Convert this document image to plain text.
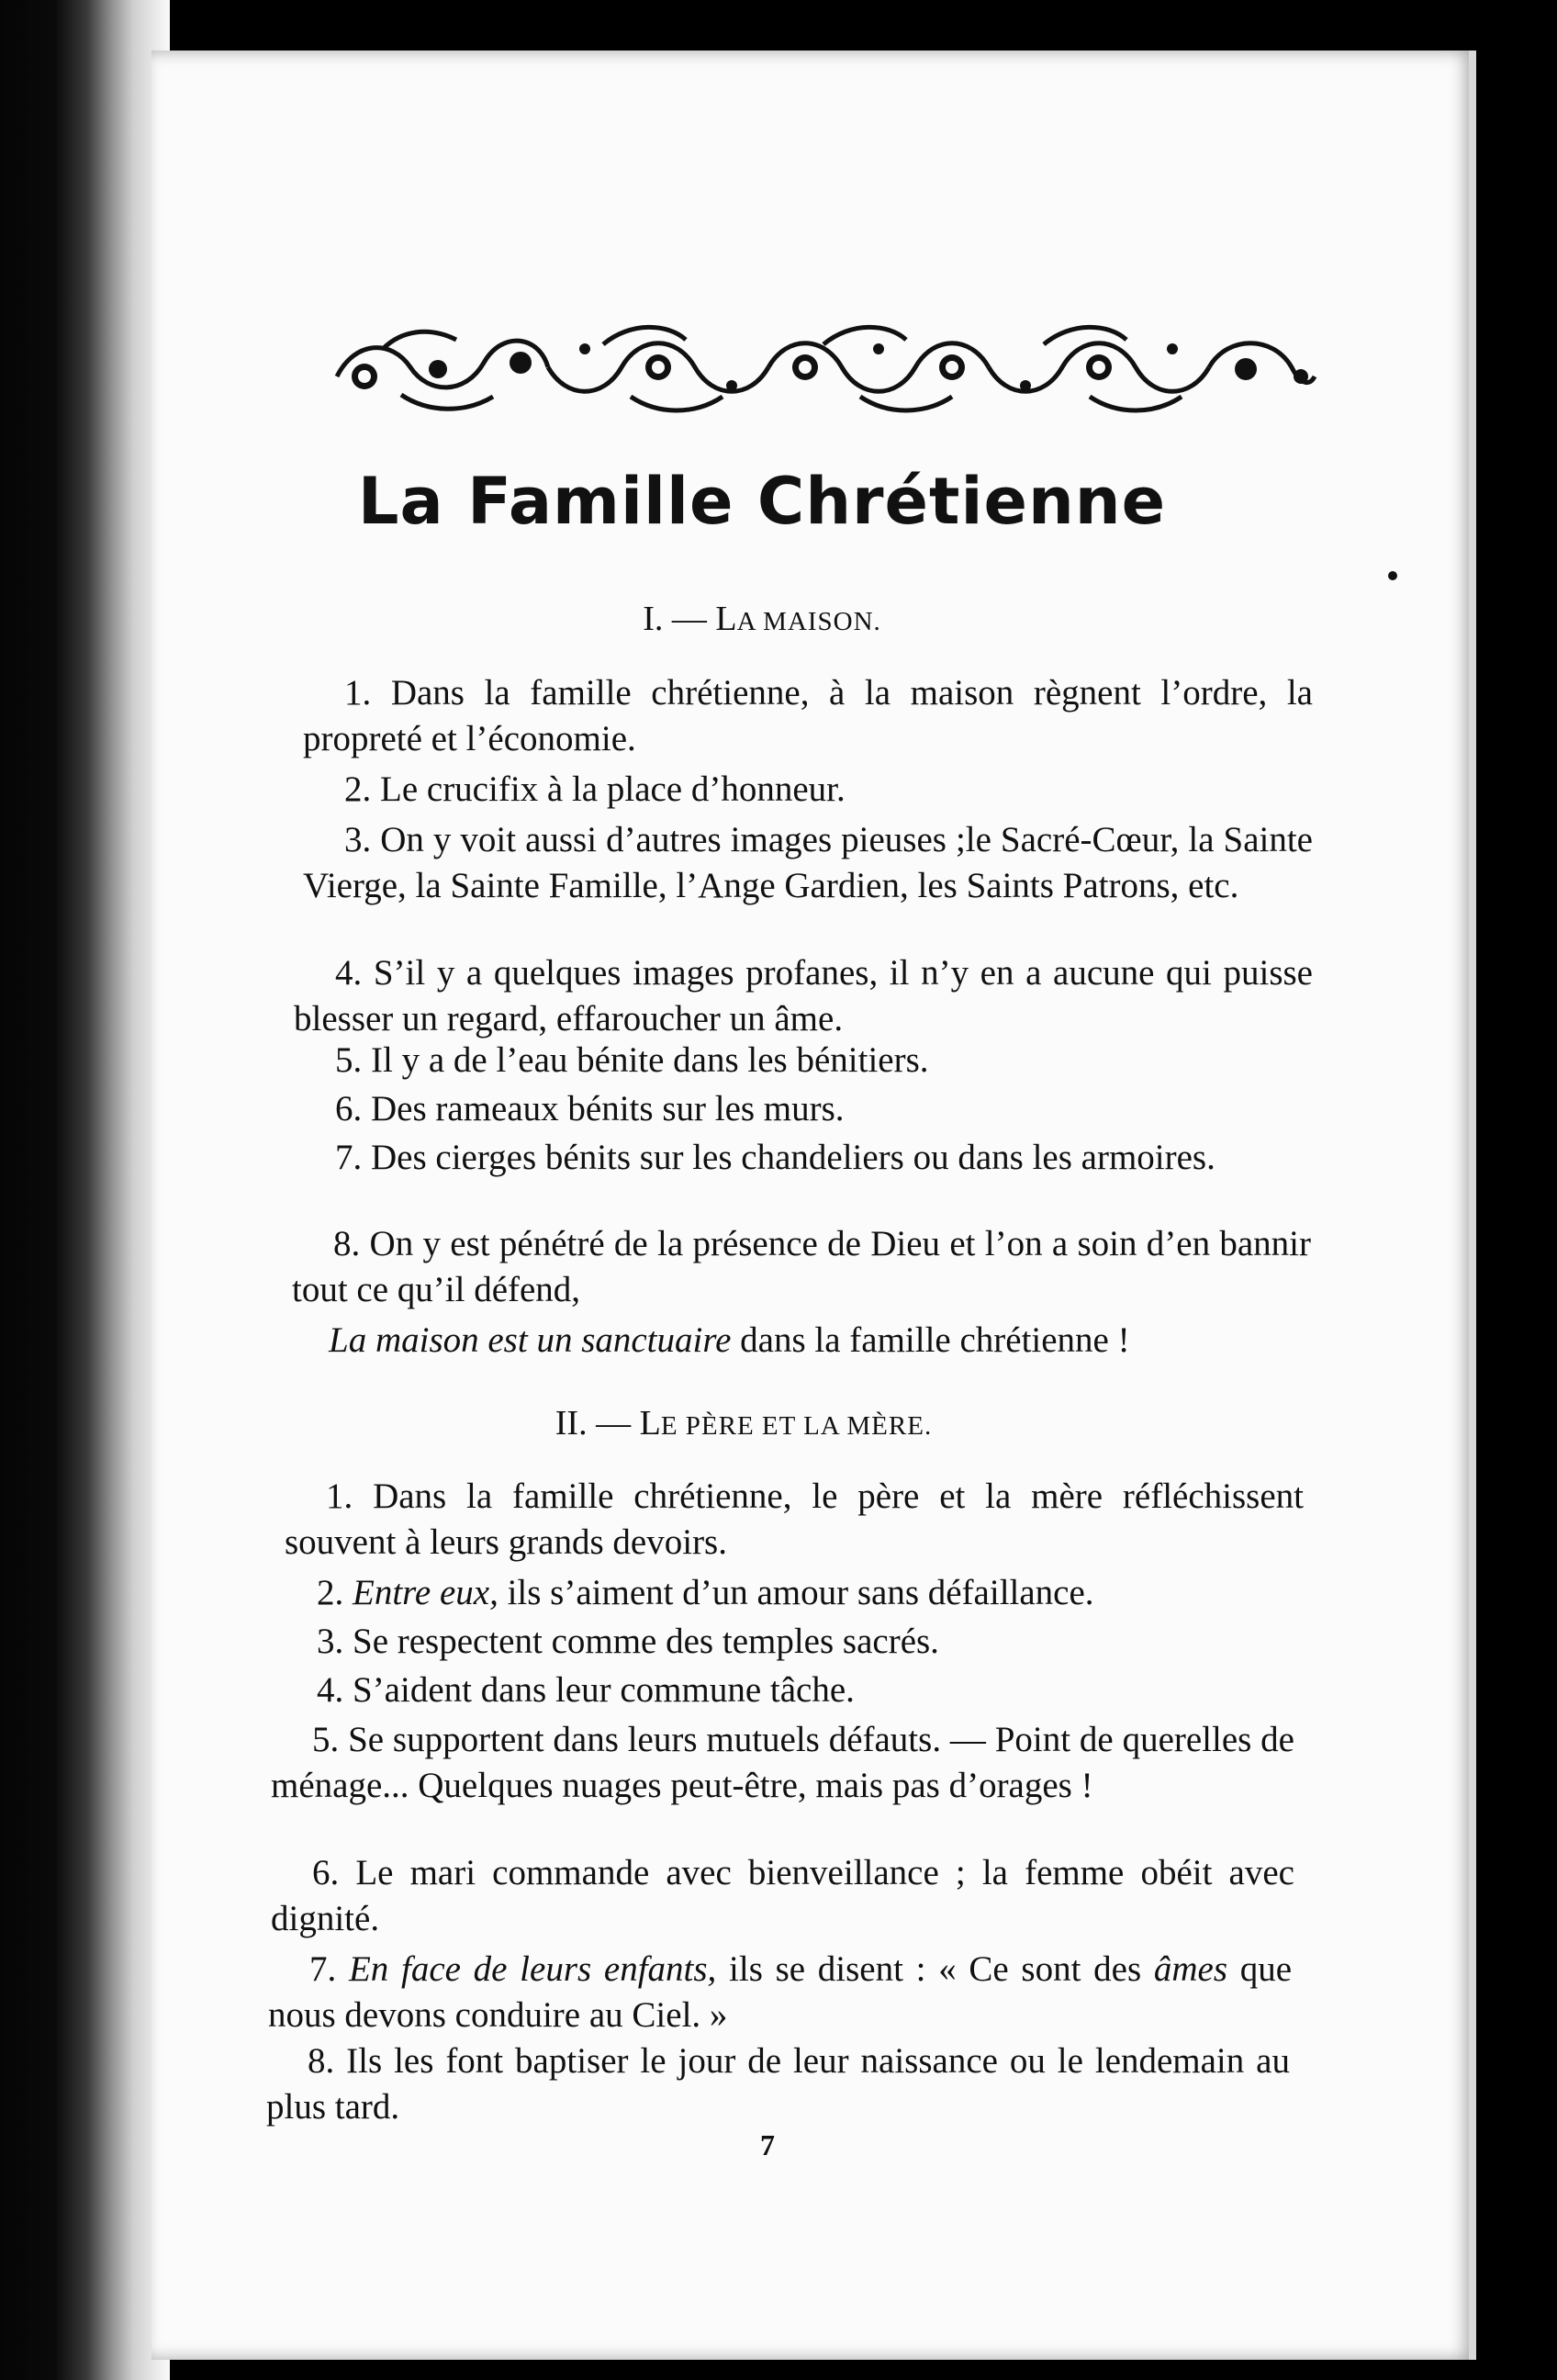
La Famille Chrétienne
I. — LA MAISON.

1. Dans la famille chrétienne, à la maison règnent l’ordre, la propreté et l’économie.

2. Le crucifix à la place d’honneur.

3. On y voit aussi d’autres images pieuses ;le Sacré-Cœur, la Sainte Vierge, la Sainte Famille, l’Ange Gardien, les Saints Patrons, etc.

4. S’il y a quelques images profanes, il n’y en a aucune qui puisse blesser un regard, effaroucher un âme.

5. Il y a de l’eau bénite dans les bénitiers.

6. Des rameaux bénits sur les murs.

7. Des cierges bénits sur les chandeliers ou dans les armoires.

8. On y est pénétré de la présence de Dieu et l’on a soin d’en bannir tout ce qu’il défend,

La maison est un sanctuaire dans la famille chrétienne !

II. — LE PÈRE ET LA MÈRE.

1. Dans la famille chrétienne, le père et la mère réfléchissent souvent à leurs grands devoirs.

2. Entre eux, ils s’aiment d’un amour sans défaillance.

3. Se respectent comme des temples sacrés.

4. S’aident dans leur commune tâche.

5. Se supportent dans leurs mutuels défauts. — Point de querelles de ménage... Quelques nuages peut-être, mais pas d’orages !

6. Le mari commande avec bienveillance ; la femme obéit avec dignité.

7. En face de leurs enfants, ils se disent : « Ce sont des âmes que nous devons conduire au Ciel. »

8. Ils les font baptiser le jour de leur naissance ou le lendemain au plus tard.

7
